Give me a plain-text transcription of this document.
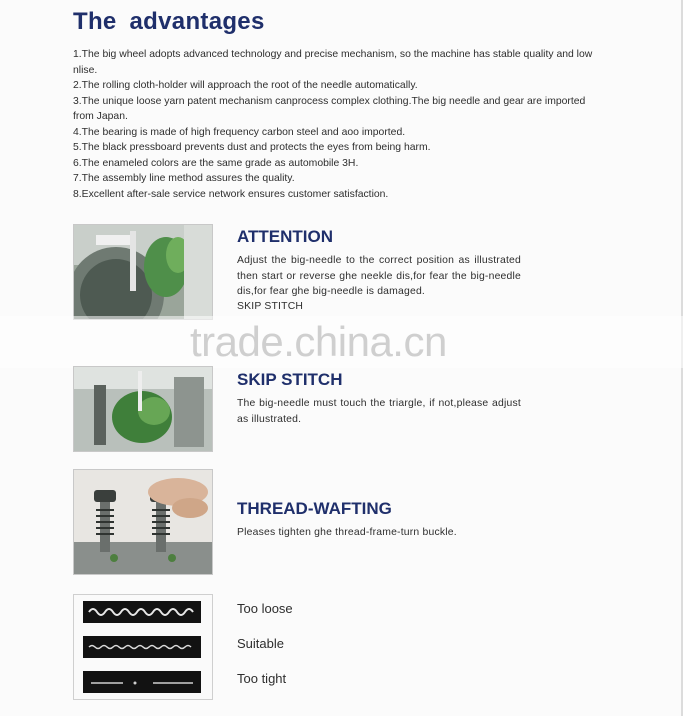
The advantages
1.The big wheel adopts advanced technology and precise mechanism, so the machine has stable quality and low nlise.
2.The rolling cloth-holder will approach the root of the needle automatically.
3.The unique loose yarn patent mechanism canprocess complex clothing.The big needle and gear are imported from Japan.
4.The bearing is made of high frequency carbon steel and aoo imported.
5.The black pressboard prevents dust and protects the eyes from being harm.
6.The enameled colors are the same grade as automobile 3H.
7.The assembly line method assures the quality.
8.Excellent after-sale service network ensures customer satisfaction.
ATTENTION
Adjust the big-needle to the correct position as illustrated then start or reverse ghe neekle dis,for fear the big-needle dis,for fear ghe big-needle is damaged.
SKIP STITCH
trade.china.cn
SKIP STITCH
The big-needle must touch the triargle, if not,please adjust as illustrated.
THREAD-WAFTING
Pleases tighten ghe thread-frame-turn buckle.
Too loose
Suitable
Too tight
